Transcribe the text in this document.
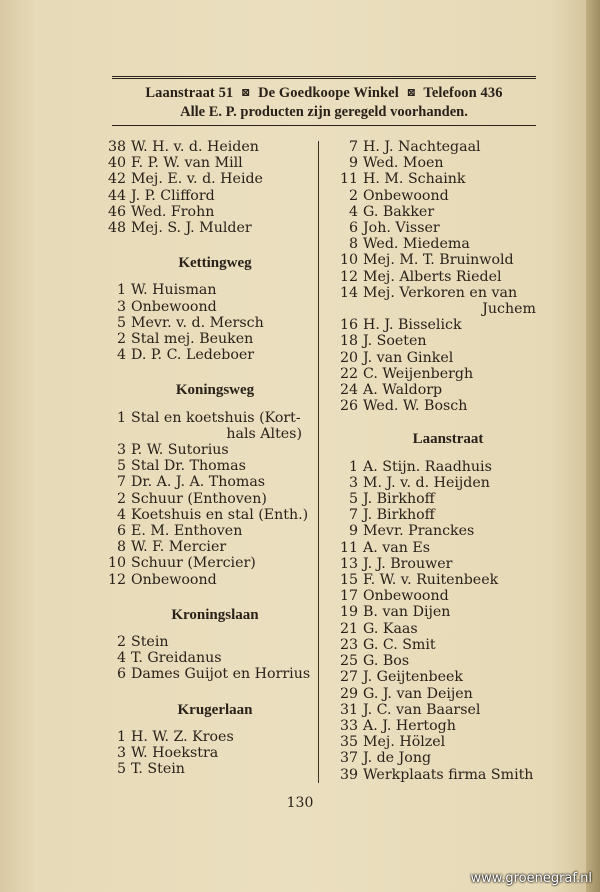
Laanstraat 51 ⊠ De Goedkoope Winkel ⊠ Telefoon 436
Alle E. P. producten zijn geregeld voorhanden.
38 W. H. v. d. Heiden
40 F. P. W. van Mill
42 Mej. E. v. d. Heide
44 J. P. Clifford
46 Wed. Frohn
48 Mej. S. J. Mulder
Kettingweg
1 W. Huisman
3 Onbewoond
5 Mevr. v. d. Mersch
2 Stal mej. Beuken
4 D. P. C. Ledeboer
Koningsweg
1 Stal en koetshuis (Kort-
hals Altes)
3 P. W. Sutorius
5 Stal Dr. Thomas
7 Dr. A. J. A. Thomas
2 Schuur (Enthoven)
4 Koetshuis en stal (Enth.)
6 E. M. Enthoven
8 W. F. Mercier
10 Schuur (Mercier)
12 Onbewoond
Kroningslaan
2 Stein
4 T. Greidanus
6 Dames Guijot en Horrius
Krugerlaan
1 H. W. Z. Kroes
3 W. Hoekstra
5 T. Stein
7 H. J. Nachtegaal
9 Wed. Moen
11 H. M. Schaink
2 Onbewoond
4 G. Bakker
6 Joh. Visser
8 Wed. Miedema
10 Mej. M. T. Bruinwold
12 Mej. Alberts Riedel
14 Mej. Verkoren en van
Juchem
16 H. J. Bisselick
18 J. Soeten
20 J. van Ginkel
22 C. Weijenbergh
24 A. Waldorp
26 Wed. W. Bosch
Laanstraat
1 A. Stijn. Raadhuis
3 M. J. v. d. Heijden
5 J. Birkhoff
7 J. Birkhoff
9 Mevr. Pranckes
11 A. van Es
13 J. J. Brouwer
15 F. W. v. Ruitenbeek
17 Onbewoond
19 B. van Dijen
21 G. Kaas
23 G. C. Smit
25 G. Bos
27 J. Geijtenbeek
29 G. J. van Deijen
31 J. C. van Baarsel
33 A. J. Hertogh
35 Mej. Hölzel
37 J. de Jong
39 Werkplaats firma Smith
130
www.groenegraf.nl
